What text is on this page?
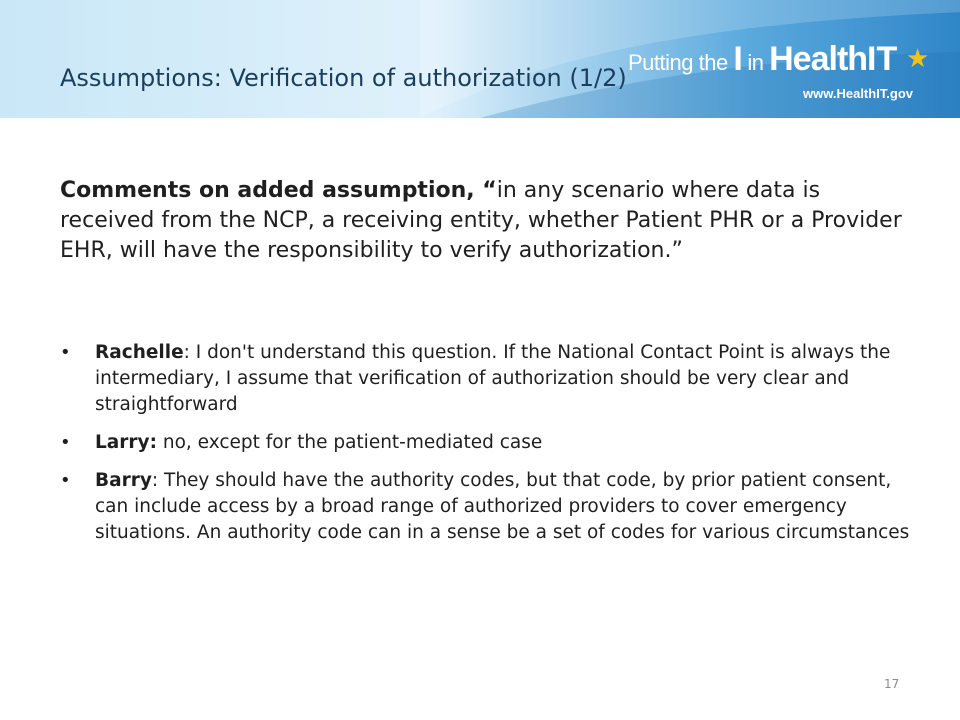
Assumptions: Verification of authorization (1/2)
Putting the I in HealthIT ★
www.HealthIT.gov
Comments on added assumption, “in any scenario where data is received from the NCP, a receiving entity, whether Patient PHR or a Provider EHR, will have the responsibility to verify authorization.”
• Rachelle: I don't understand this question. If the National Contact Point is always the intermediary, I assume that verification of authorization should be very clear and straightforward
• Larry: no, except for the patient-mediated case
• Barry: They should have the authority codes, but that code, by prior patient consent, can include access by a broad range of authorized providers to cover emergency situations. An authority code can in a sense be a set of codes for various circumstances
17
